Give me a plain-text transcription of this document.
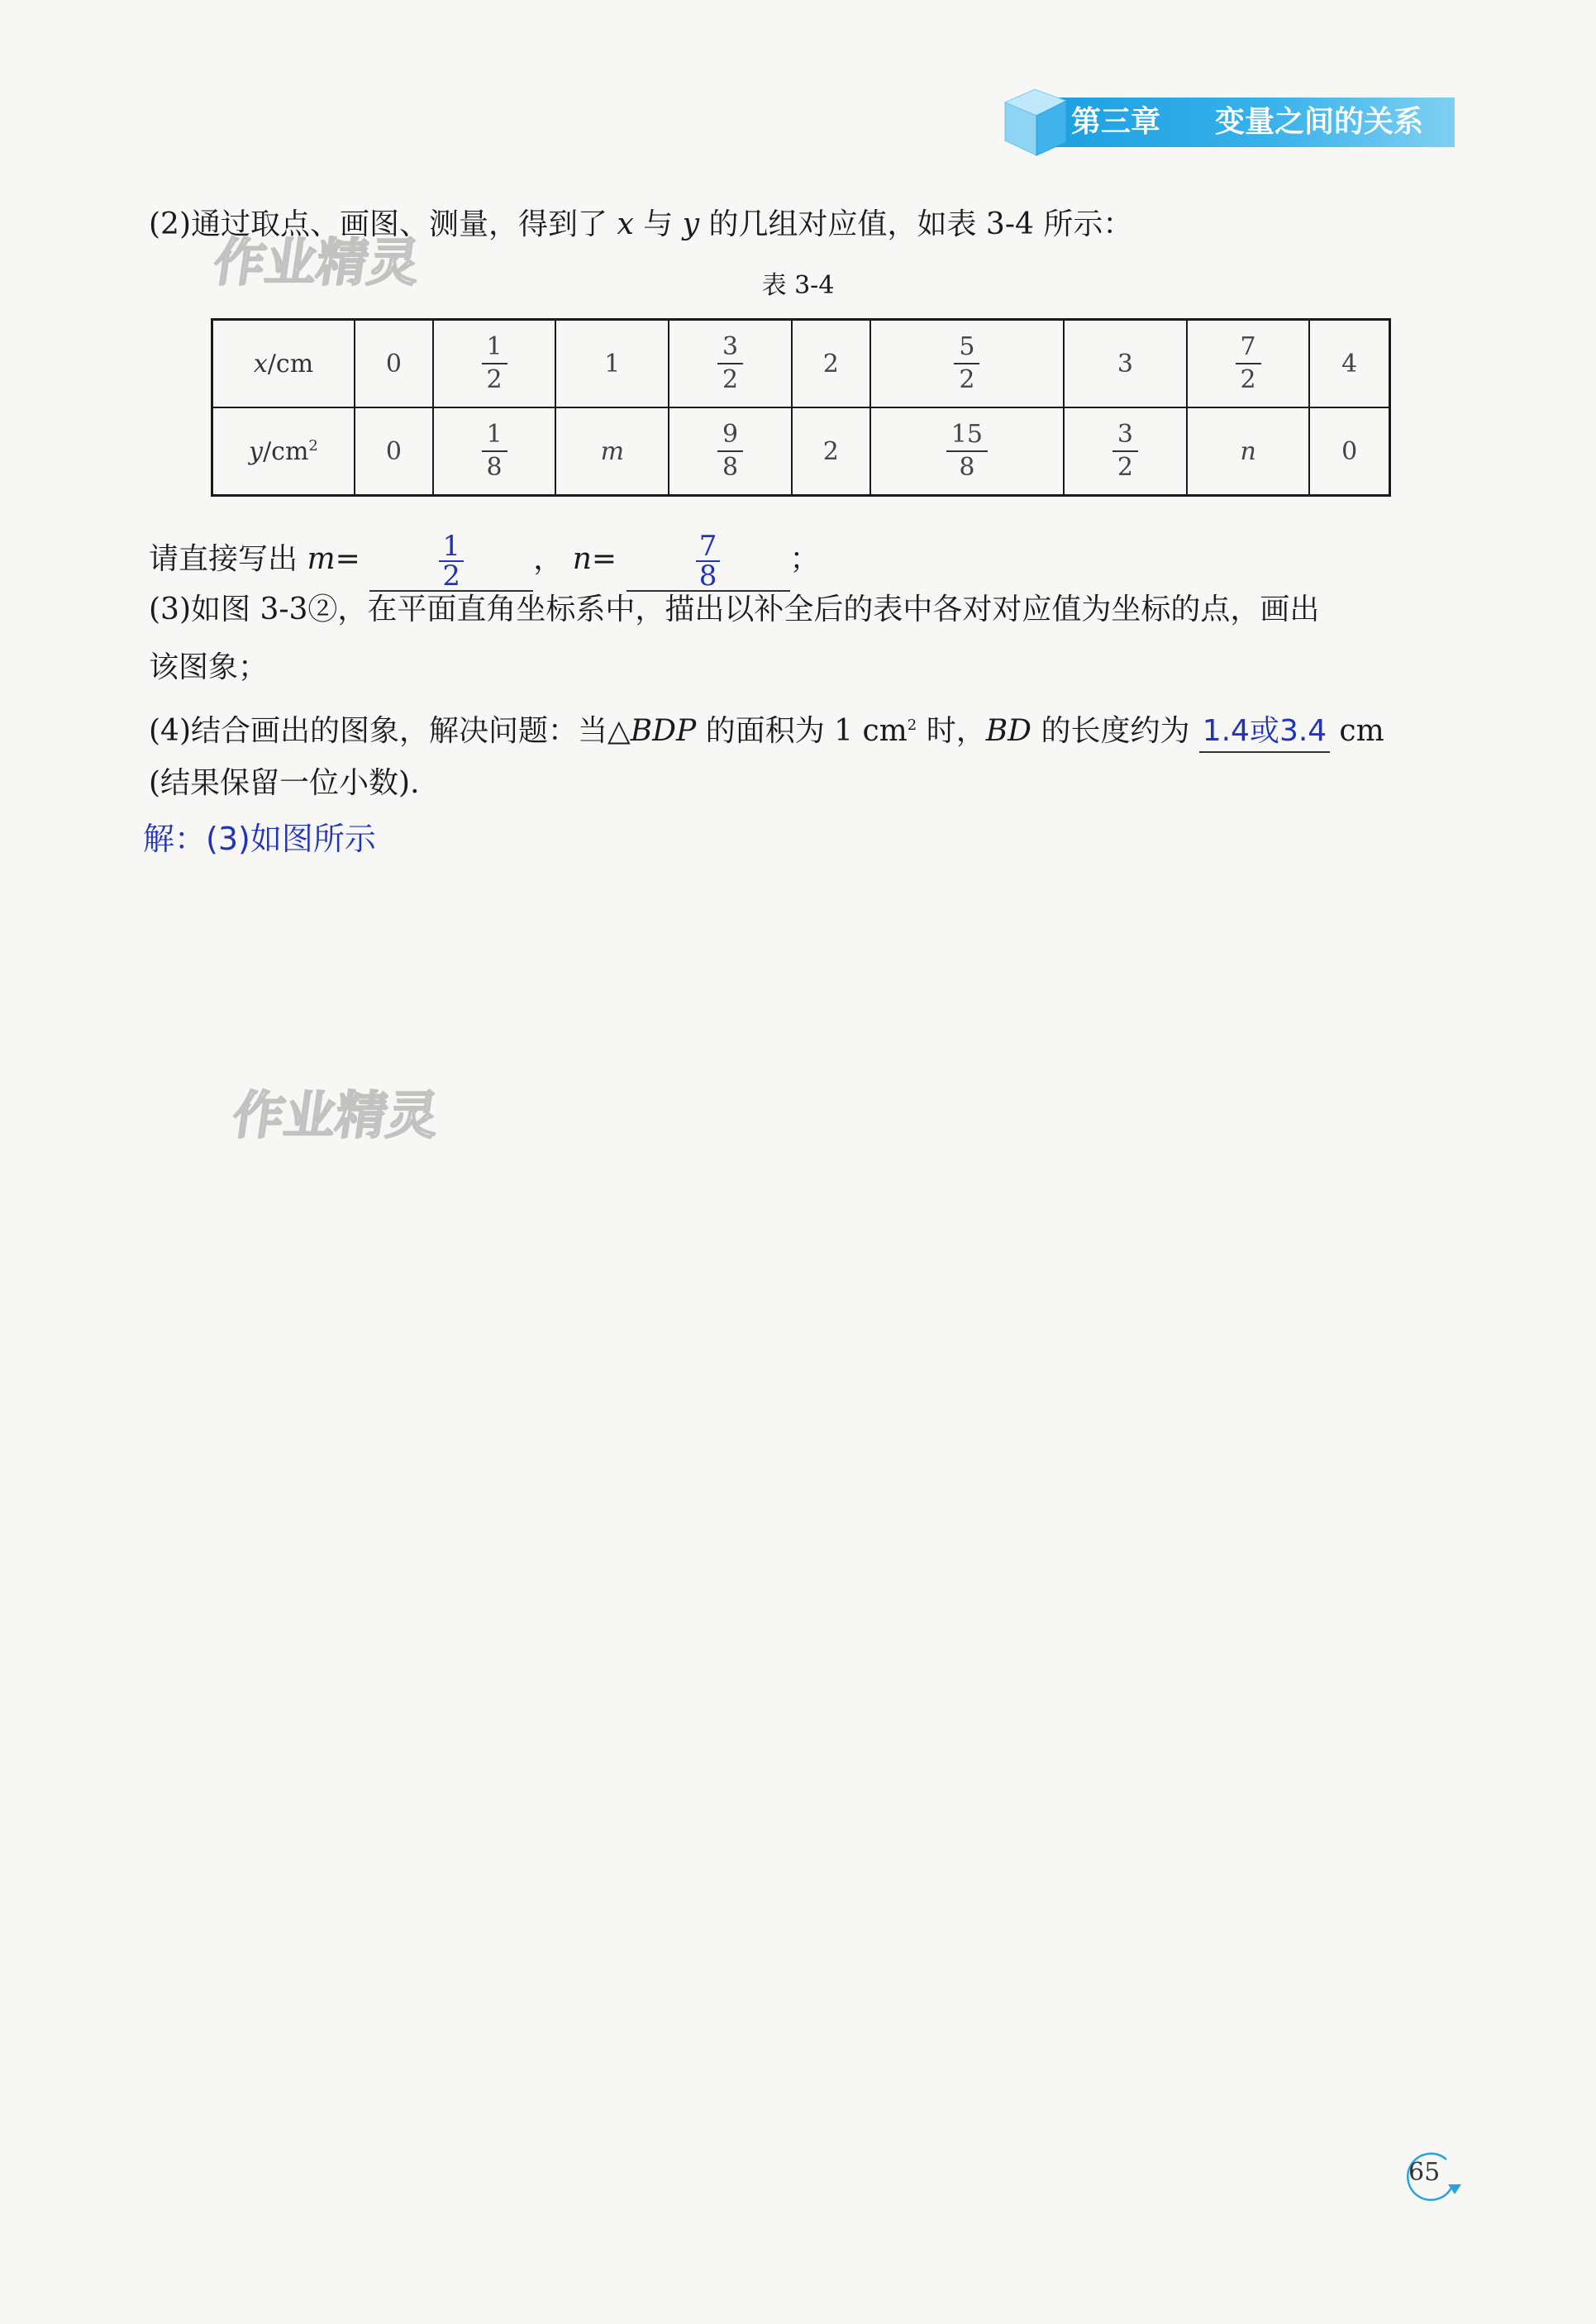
第三章 变量之间的关系
(2)通过取点、画图、测量，得到了 x 与 y 的几组对应值，如表 3-4 所示：
表 3-4
x/cm	0	$\frac{1}{2}$	1	$\frac{3}{2}$	2	$\frac{5}{2}$	3	$\frac{7}{2}$	4
$y/cm^2$	0	$\frac{1}{8}$	m	$\frac{9}{8}$	2	$\frac{15}{8}$	$\frac{3}{2}$	n	0
请直接写出 m=	$\frac{1}{2}$ ， n=	$\frac{7}{8}$ ；
(3)如图 3-3②，在平面直角坐标系中，描出以补全后的表中各对对应值为坐标的点，画出
该图象；
(4)结合画出的图象，解决问题：当△BDP 的面积为 1 $cm^2$ 时，BD 的长度约为 1.4或3.4 cm
(结果保留一位小数).
解：(3)如图所示
作业精灵
作业精灵
65
